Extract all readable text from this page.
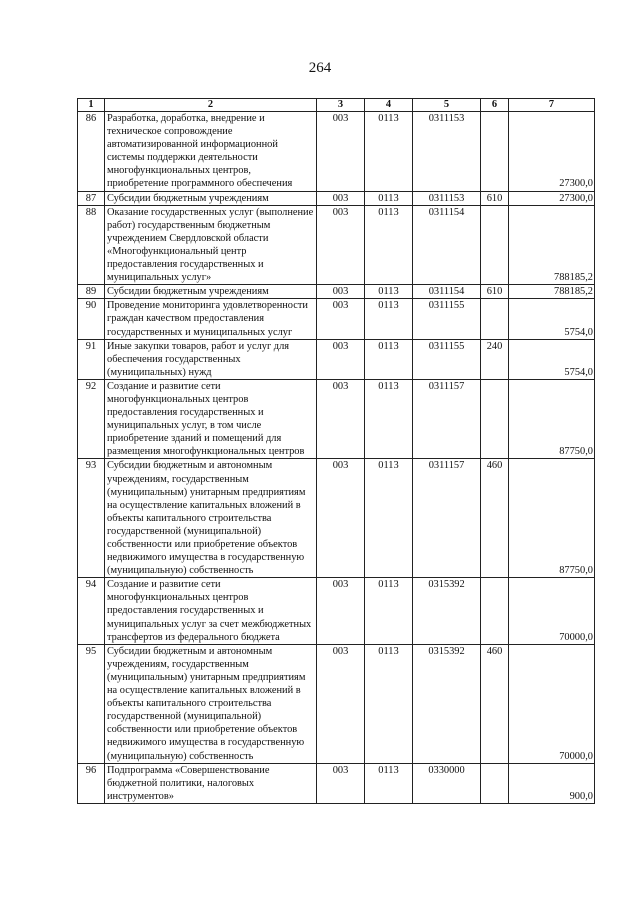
264
1	2	3	4	5	6	7
86	Разработка, доработка, внедрение и техническое сопровождение автоматизированной информационной системы поддержки деятельности многофункциональных центров, приобретение программного обеспечения	003	0113	0311153		27300,0
87	Субсидии бюджетным учреждениям	003	0113	0311153	610	27300,0
88	Оказание государственных услуг (выполнение работ) государственным бюджетным учреждением Свердловской области «Многофункциональный центр предоставления государственных и муниципальных услуг»	003	0113	0311154		788185,2
89	Субсидии бюджетным учреждениям	003	0113	0311154	610	788185,2
90	Проведение мониторинга удовлетворенности граждан качеством предоставления государственных и муниципальных услуг	003	0113	0311155		5754,0
91	Иные закупки товаров, работ и услуг для обеспечения государственных (муниципальных) нужд	003	0113	0311155	240	5754,0
92	Создание и развитие сети многофункциональных центров предоставления государственных и муниципальных услуг, в том числе приобретение зданий и помещений для размещения многофункциональных центров	003	0113	0311157		87750,0
93	Субсидии бюджетным и автономным учреждениям, государственным (муниципальным) унитарным предприятиям на осуществление капитальных вложений в объекты капитального строительства государственной (муниципальной) собственности или приобретение объектов недвижимого имущества в государственную (муниципальную) собственность	003	0113	0311157	460	87750,0
94	Создание и развитие сети многофункциональных центров предоставления государственных и муниципальных услуг за счет межбюджетных трансфертов из федерального бюджета	003	0113	0315392		70000,0
95	Субсидии бюджетным и автономным учреждениям, государственным (муниципальным) унитарным предприятиям на осуществление капитальных вложений в объекты капитального строительства государственной (муниципальной) собственности или приобретение объектов недвижимого имущества в государственную (муниципальную) собственность	003	0113	0315392	460	70000,0
96	Подпрограмма «Совершенствование бюджетной политики, налоговых инструментов»	003	0113	0330000		900,0
